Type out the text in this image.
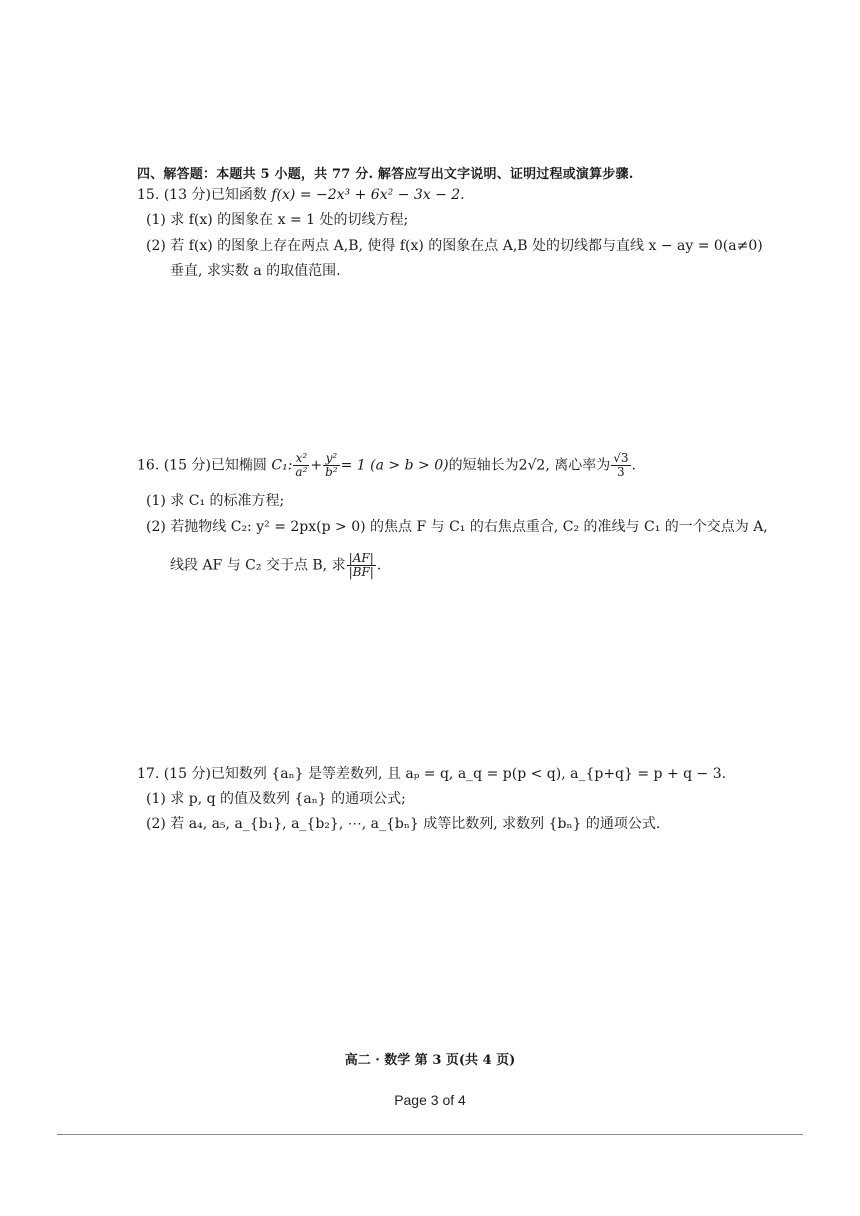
四、解答题：本题共 5 小题，共 77 分. 解答应写出文字说明、证明过程或演算步骤.
15. (13 分)已知函数 f(x) = −2x³ + 6x² − 3x − 2.
(1) 求 f(x) 的图象在 x = 1 处的切线方程;
(2) 若 f(x) 的图象上存在两点 A,B, 使得 f(x) 的图象在点 A,B 处的切线都与直线 x − ay = 0(a≠0)
垂直, 求实数 a 的取值范围.
16. (15 分)已知椭圆 C₁: $\frac{\text{x²}}{\text{a²}} + \frac{\text{y²}}{\text{b²}} = 1$ (a > b > 0)的短轴长为2√2, 离心率为 $\frac{√3}{3}$ .
(1) 求 C₁ 的标准方程;
(2) 若抛物线 C₂: y² = 2px(p > 0) 的焦点 F 与 C₁ 的右焦点重合, C₂ 的准线与 C₁ 的一个交点为 A,
线段 AF 与 C₂ 交于点 B, 求 $\frac{|AF|}{|BF|}$ .
17. (15 分)已知数列 {aₙ} 是等差数列, 且 aₚ = q, a_q = p(p < q), a_{p+q} = p + q − 3.
(1) 求 p, q 的值及数列 {aₙ} 的通项公式;
(2) 若 a₄, a₅, a_{b₁}, a_{b₂}, ⋯, a_{bₙ} 成等比数列, 求数列 {bₙ} 的通项公式.
高二 · 数学 第 3 页(共 4 页)
Page 3 of 4
